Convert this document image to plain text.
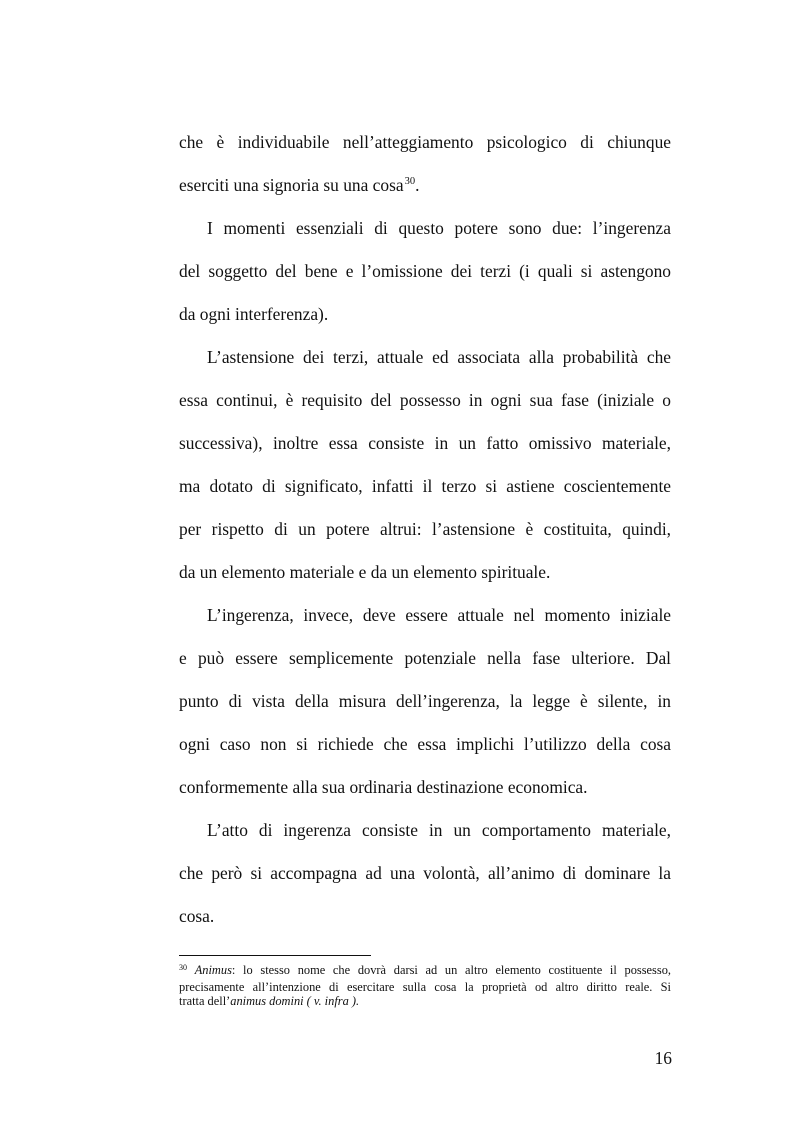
che è individuabile nell’atteggiamento psicologico di chiunque
eserciti una signoria su una cosa$^{30}$.
I momenti essenziali di questo potere sono due: l’ingerenza
del soggetto del bene e l’omissione dei terzi (i quali si astengono
da ogni interferenza).
L’astensione dei terzi, attuale ed associata alla probabilità che
essa continui, è requisito del possesso in ogni sua fase (iniziale o
successiva), inoltre essa consiste in un fatto omissivo materiale,
ma dotato di significato, infatti il terzo si astiene coscientemente
per rispetto di un potere altrui: l’astensione è costituita, quindi,
da un elemento materiale e da un elemento spirituale.
L’ingerenza, invece, deve essere attuale nel momento iniziale
e può essere semplicemente potenziale nella fase ulteriore. Dal
punto di vista della misura dell’ingerenza, la legge è silente, in
ogni caso non si richiede che essa implichi l’utilizzo della cosa
conformemente alla sua ordinaria destinazione economica.
L’atto di ingerenza consiste in un comportamento materiale,
che però si accompagna ad una volontà, all’animo di dominare la
cosa.
$^{30}$ Animus: lo stesso nome che dovrà darsi ad un altro elemento costituente il possesso,
precisamente all’intenzione di esercitare sulla cosa la proprietà od altro diritto reale. Si
tratta dell’animus domini ( v. infra ).
16
